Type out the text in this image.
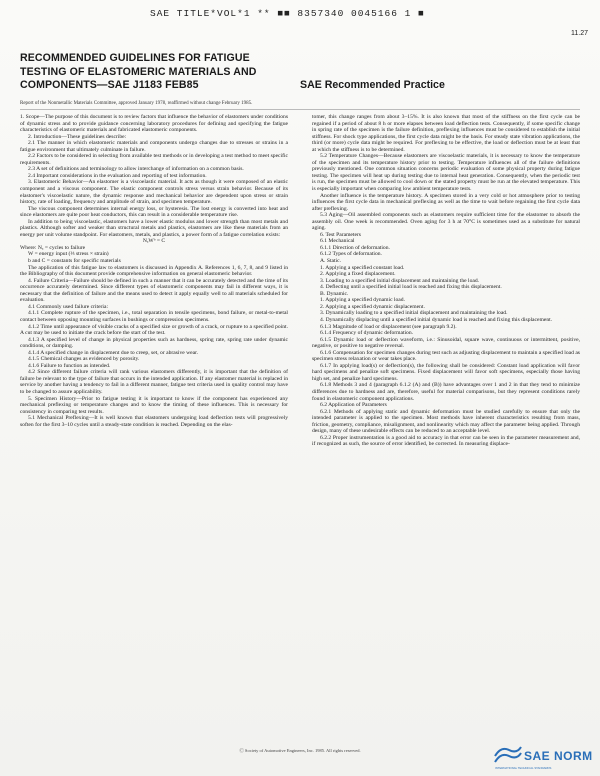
SAE TITLE*VOL*1 ** ■■ 8357340 0045166 1 ■
11.27
RECOMMENDED GUIDELINES FOR FATIGUE
TESTING OF ELASTOMERIC MATERIALS AND
COMPONENTS—SAE J1183 FEB85	SAE Recommended Practice
Report of the Nonmetallic Materials Committee, approved January 1978, reaffirmed without change February 1985.

1. Scope—The purpose of this document is to review factors that influence the behavior of elastomers under conditions of dynamic stress and to provide guidance concerning laboratory procedures for defining and specifying the fatigue characteristics of elastomeric materials and fabricated elastomeric components.

2. Introduction—These guidelines describe:

2.1 The manner in which elastomeric materials and components undergo changes due to stresses or strains in a fatigue environment that ultimately culminate in failure.

2.2 Factors to be considered in selecting from available test methods or in developing a test method to meet specific requirements.

2.3 A set of definitions and terminology to allow interchange of information on a common basis.

2.4 Important considerations in the evaluation and reporting of test information.

3. Elastomeric Behavior—An elastomer is a viscoelastic material. It acts as though it were composed of an elastic component and a viscous component. The elastic component controls stress versus strain behavior. Because of its elastomer's viscoelastic nature, the dynamic response and mechanical behavior are dependent upon stress or strain history, rate of loading, frequency and amplitude of strain, and specimen temperature.

The viscous component determines internal energy loss, or hysteresis. The lost energy is converted into heat and since elastomers are quite poor heat conductors, this can result in a considerable temperature rise.

In addition to being viscoelastic, elastomers have a lower elastic modulus and lower strength than most metals and plastics. Although softer and weaker than structural metals and plastics, elastomers are like these materials from an energy per unit volume standpoint. For elastomers, metals, and plastics, a power form of a fatigue correlation exists:

NₐWᵇ = C

Where: Nₐ = cycles to failure

W = energy input (⅓ stress × strain)

b and C = constants for specific materials

The application of this fatigue law to elastomers is discussed in Appendix A. References 1, 6, 7, 8, and 9 listed in the Bibliography of this document provide comprehensive information on general elastomeric behavior.

4. Failure Criteria—Failure should be defined in such a manner that it can be accurately detected and the time of its occurrence accurately determined. Since different types of elastomeric components may fail in different ways, it is necessary that the definition of failure and the means used to detect it apply equally well to all materials scheduled for evaluation.

4.1 Commonly used failure criteria:

4.1.1 Complete rupture of the specimen, i.e., total separation in tensile specimens, bond failure, or metal-to-metal contact between opposing mounting surfaces in bushings or compression specimens.

4.1.2 Time until appearance of visible cracks of a specified size or growth of a crack, or rupture to a specified point. A cut may be used to initiate the crack before the start of the test.

4.1.3 A specified level of change in physical properties such as hardness, spring rate, spring rate under dynamic conditions, or damping.

4.1.4 A specified change in displacement due to creep, set, or abrasive wear.

4.1.5 Chemical changes as evidenced by porosity.

4.1.6 Failure to function as intended.

4.2 Since different failure criteria will rank various elastomers differently, it is important that the definition of failure be relevant to the type of failure that occurs in the intended application. If any elastomer material is replaced in service by another having a tendency to fail in a different manner, fatigue test criteria used in quality control may have to be changed to assure applicability.

5. Specimen History—Prior to fatigue testing it is important to know if the component has experienced any mechanical preflexing or temperature changes and to know the timing of these influences. This is necessary for consistency in comparing test results.

5.1 Mechanical Preflexing—It is well known that elastomers undergoing load deflection tests will progressively soften for the first 3–10 cycles until a steady-state condition is reached. Depending on the elas-

tomer, this change ranges from about 3–15%. It is also known that most of the stiffness on the first cycle can be regained if a period of about 8 h or more elapses between load deflection tests. Consequently, if some specific change in spring rate of the specimen is the failure definition, preflexing influences must be considered to establish the initial stiffness. For shock type applications, the first cycle data might be the basis. For steady state vibration applications, the third (or more) cycle data might be required. For preflexing to be effective, the load or deflection must be at least that at which the stiffness is to be determined.

5.2 Temperature Changes—Because elastomers are viscoelastic materials, it is necessary to know the temperature of the specimen and its temperature history prior to testing. Temperature influences all of the failure definitions previously mentioned. One common situation concerns periodic evaluation of some physical property during fatigue testing. The specimen will heat up during testing due to internal heat generation. Consequently, when the periodic test is run, the specimen must be allowed to cool down or the stated property must be run at the elevated temperature. This is especially important when comparing low ambient temperature tests.

Another influence is the temperature history. A specimen stored in a very cold or hot atmosphere prior to testing influences the first cycle data in mechanical preflexing as well as the time to wait before regaining the first cycle data after preflexing.

5.3 Aging—Oil assembled components such as elastomers require sufficient time for the elastomer to absorb the assembly oil. One week is recommended. Oven aging for 3 h at 70°C is sometimes used as a substitute for natural aging.

6. Test Parameters

6.1 Mechanical

6.1.1 Direction of deformation.

6.1.2 Types of deformation.

A. Static.

1. Applying a specified constant load.

2. Applying a fixed displacement.

3. Loading to a specified initial displacement and maintaining the load.

4. Deflecting until a specified initial load is reached and fixing this displacement.

B. Dynamic.

1. Applying a specified dynamic load.

2. Applying a specified dynamic displacement.

3. Dynamically loading to a specified initial displacement and maintaining the load.

4. Dynamically displacing until a specified initial dynamic load is reached and fixing this displacement.

6.1.3 Magnitude of load or displacement (see paragraph 9.2).

6.1.4 Frequency of dynamic deformation.

6.1.5 Dynamic load or deflection waveform, i.e.: Sinusoidal, square wave, continuous or intermittent, positive, negative, or positive to negative reversal.

6.1.6 Compensation for specimen changes during test such as adjusting displacement to maintain a specified load as specimen stress relaxation or wear takes place.

6.1.7 In applying load(s) or deflection(s), the following shall be considered: Constant load application will favor hard specimens and penalize soft specimens. Fixed displacement will favor soft specimens, especially those having high set, and penalize hard specimens.

6.1.8 Methods 3 and 4 (paragraph 6.1.2 (A) and (B)) have advantages over 1 and 2 in that they tend to minimize differences due to hardness and are, therefore, useful for material comparisons, but they represent conditions rarely found in elastomeric component applications.

6.2 Application of Parameters

6.2.1 Methods of applying static and dynamic deformation must be studied carefully to ensure that only the intended parameter is applied to the specimen. Most methods have inherent characteristics resulting from mass, friction, geometry, compliance, misalignment, and nonlinearity which may affect the parameter being applied. Through design, many of these undesirable effects can be reduced to an acceptable level.

6.2.2 Proper instrumentation is a good aid to accuracy in that error can be seen in the parameter measurement and, if recognized as such, the source of error identified, be corrected. In measuring displace-

Ⓒ Society of Automotive Engineers, Inc. 1985. All rights reserved.	SAE NORM
INTERNATIONAL TECHNICAL STANDARDS
